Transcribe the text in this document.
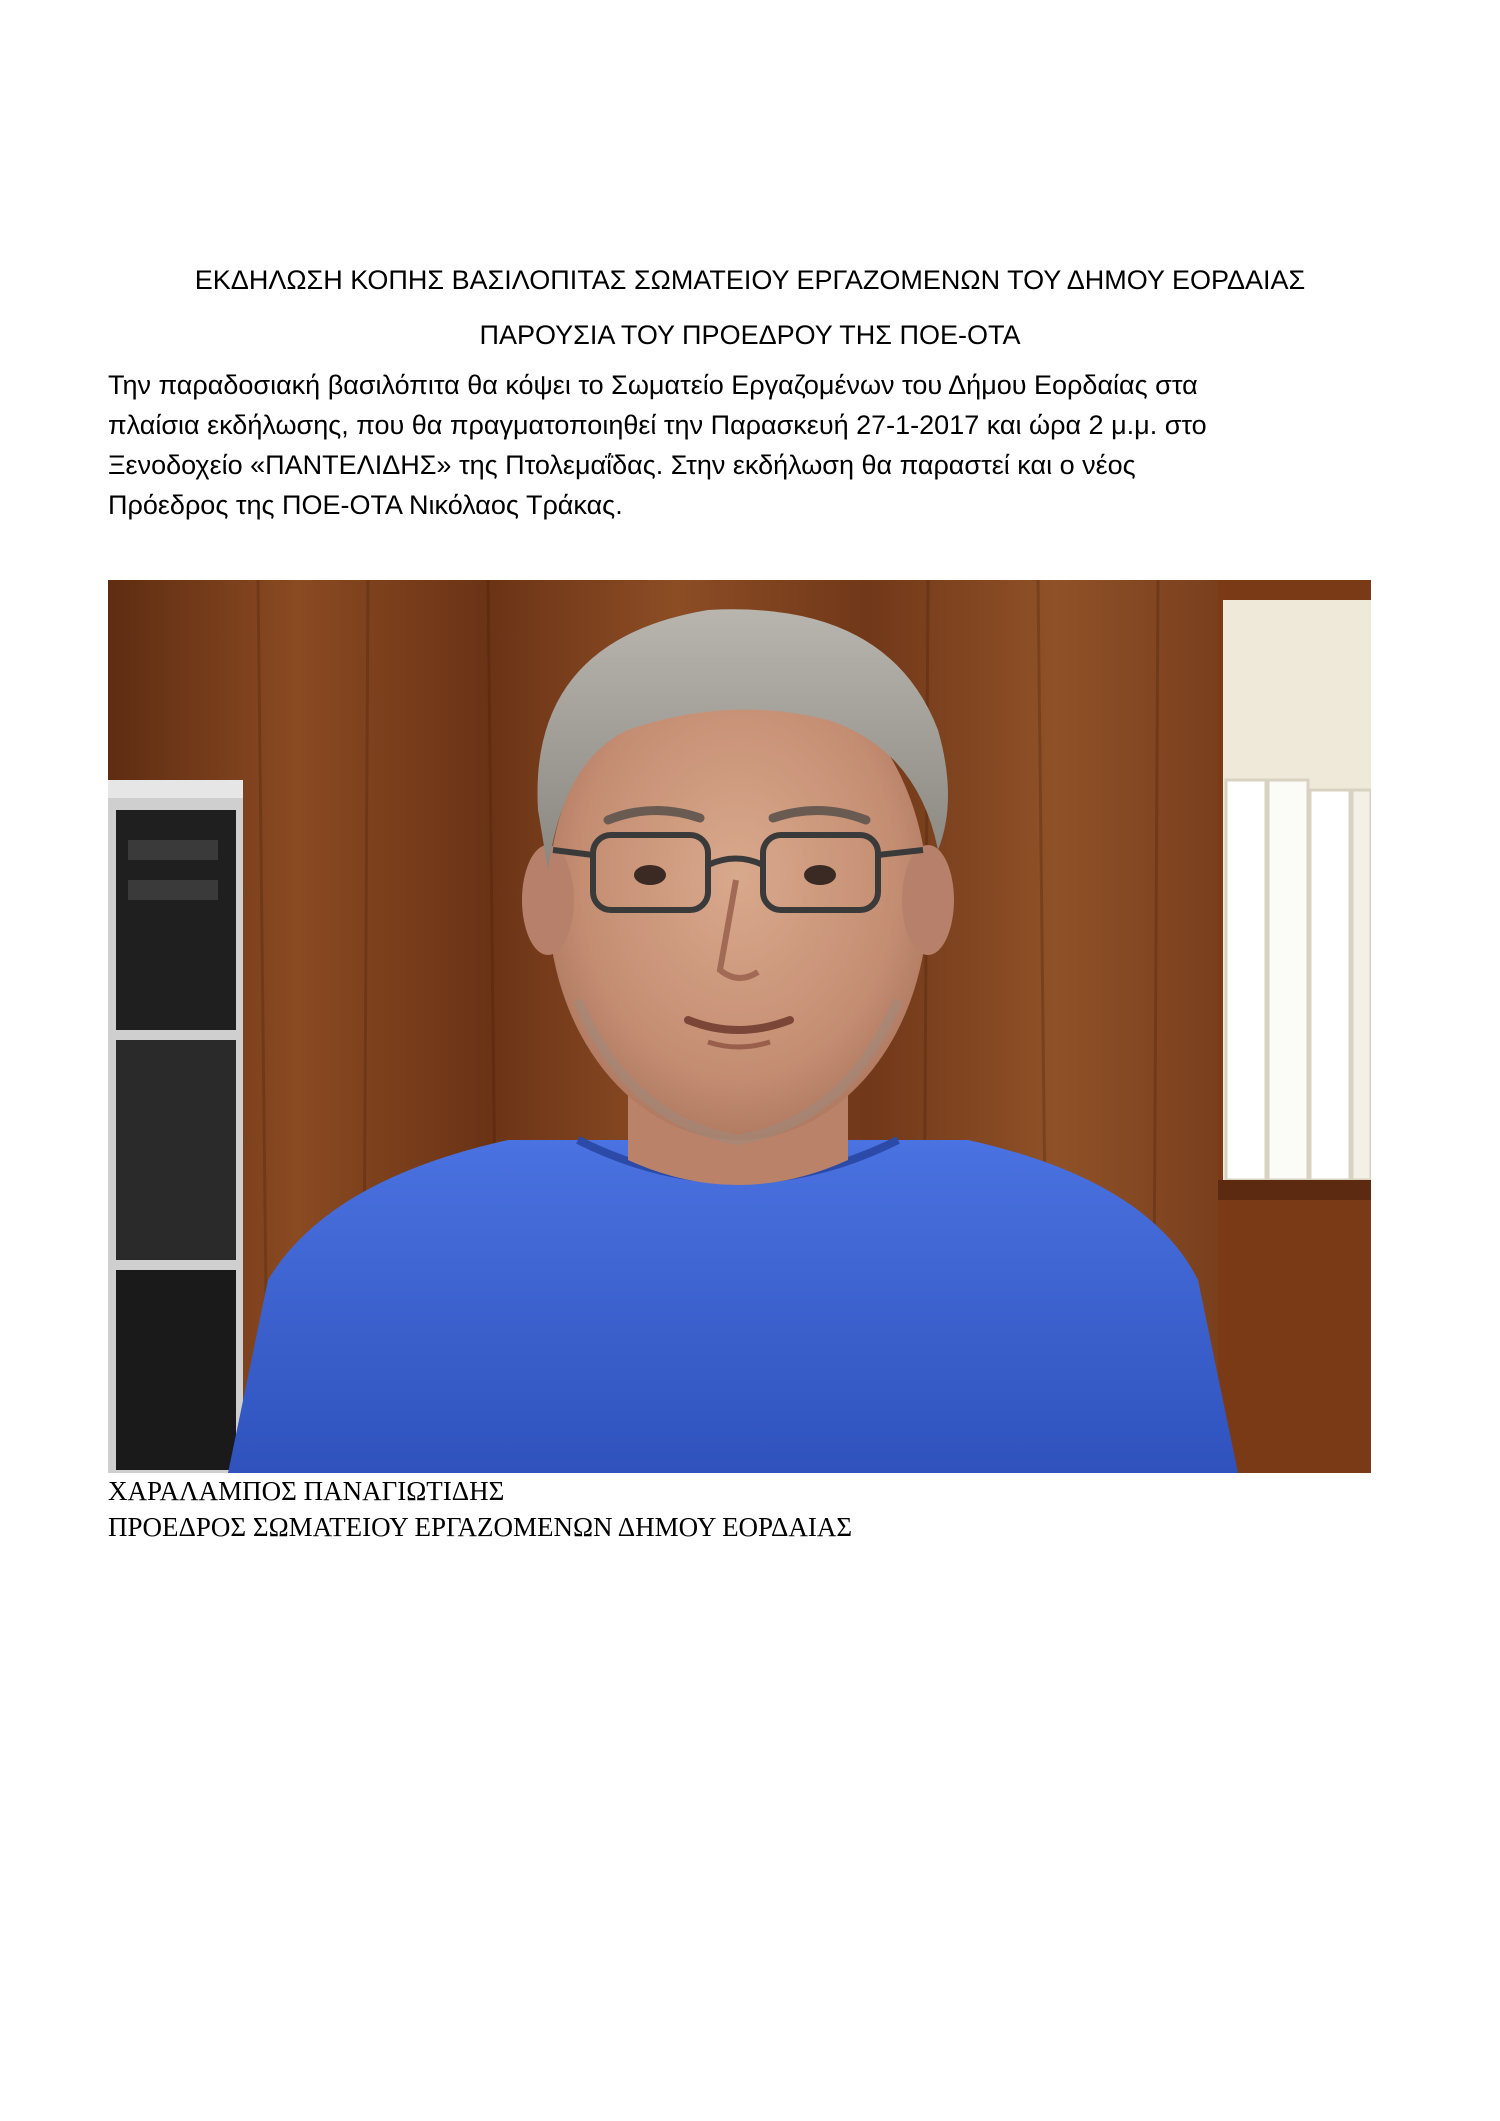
ΕΚΔΗΛΩΣΗ ΚΟΠΗΣ ΒΑΣΙΛΟΠΙΤΑΣ ΣΩΜΑΤΕΙΟΥ ΕΡΓΑΖΟΜΕΝΩΝ ΤΟΥ ΔΗΜΟΥ ΕΟΡΔΑΙΑΣ
ΠΑΡΟΥΣΙΑ ΤΟΥ ΠΡΟΕΔΡΟΥ ΤΗΣ ΠΟΕ-ΟΤΑ
Την παραδοσιακή βασιλόπιτα θα κόψει το Σωματείο Εργαζομένων του Δήμου Εορδαίας στα
πλαίσια εκδήλωσης, που θα πραγματοποιηθεί την Παρασκευή 27-1-2017 και ώρα 2 μ.μ. στο
Ξενοδοχείο «ΠΑΝΤΕΛΙΔΗΣ» της Πτολεμαΐδας. Στην εκδήλωση θα παραστεί και ο νέος
Πρόεδρος της ΠΟΕ-ΟΤΑ Νικόλαος Τράκας.
ΧΑΡΑΛΑΜΠΟΣ ΠΑΝΑΓΙΩΤΙΔΗΣ
ΠΡΟΕΔΡΟΣ ΣΩΜΑΤΕΙΟΥ ΕΡΓΑΖΟΜΕΝΩΝ ΔΗΜΟΥ ΕΟΡΔΑΙΑΣ
